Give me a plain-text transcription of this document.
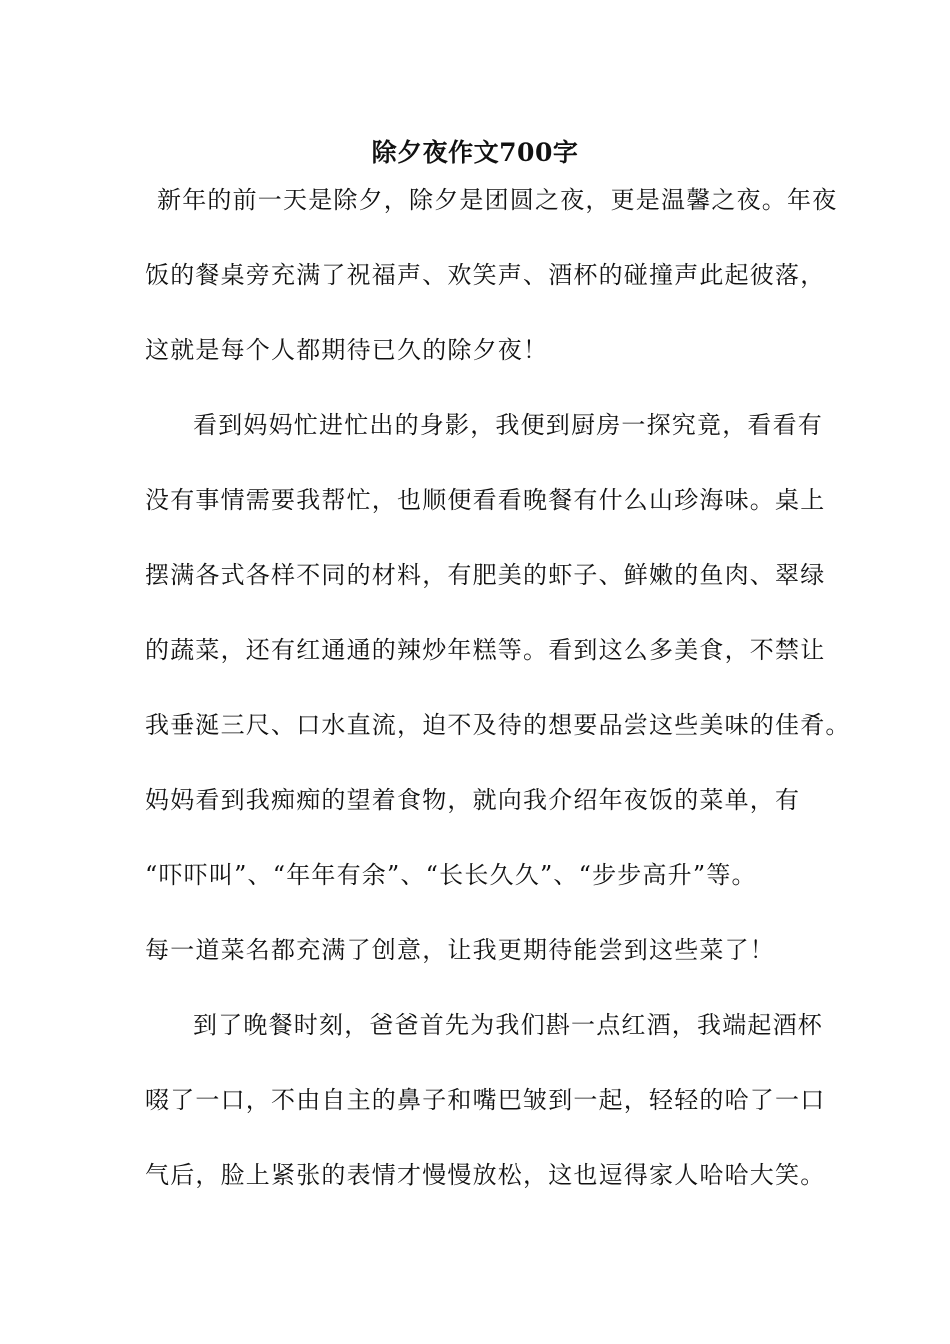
除夕夜作文700字
新年的前一天是除夕，除夕是团圆之夜，更是温馨之夜。年夜
饭的餐桌旁充满了祝福声、欢笑声、酒杯的碰撞声此起彼落，
这就是每个人都期待已久的除夕夜！
看到妈妈忙进忙出的身影，我便到厨房一探究竟，看看有
没有事情需要我帮忙，也顺便看看晚餐有什么山珍海味。桌上
摆满各式各样不同的材料，有肥美的虾子、鲜嫩的鱼肉、翠绿
的蔬菜，还有红通通的辣炒年糕等。看到这么多美食，不禁让
我垂涎三尺、口水直流，迫不及待的想要品尝这些美味的佳肴。
妈妈看到我痴痴的望着食物，就向我介绍年夜饭的菜单，有
“吓吓叫”、“年年有余”、“长长久久”、“步步高升”等。
每一道菜名都充满了创意，让我更期待能尝到这些菜了！
到了晚餐时刻，爸爸首先为我们斟一点红酒，我端起酒杯
啜了一口，不由自主的鼻子和嘴巴皱到一起，轻轻的哈了一口
气后，脸上紧张的表情才慢慢放松，这也逗得家人哈哈大笑。
